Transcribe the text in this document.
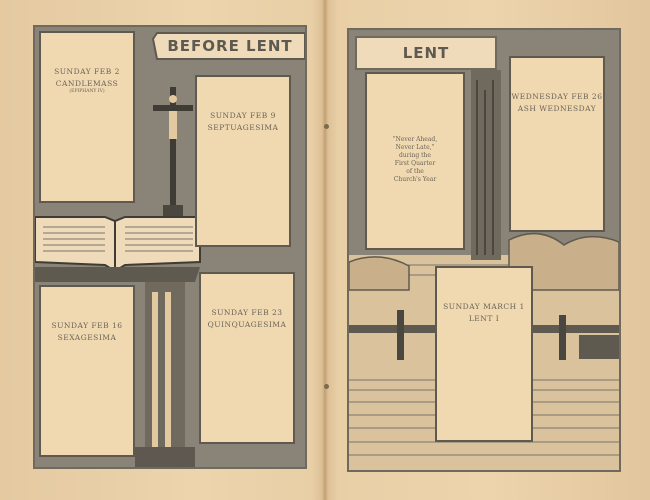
BEFORE LENT
SUNDAY FEB 2
CANDLEMASS
(EPIPHANY IV)
SUNDAY FEB 9
SEPTUAGESIMA
SUNDAY FEB 16
SEXAGESIMA
SUNDAY FEB 23
QUINQUAGESIMA
LENT
"Never Ahead,
Never Late,"
during the
First Quarter
of the
Church's Year
WEDNESDAY FEB 26
ASH WEDNESDAY
SUNDAY MARCH 1
LENT I
